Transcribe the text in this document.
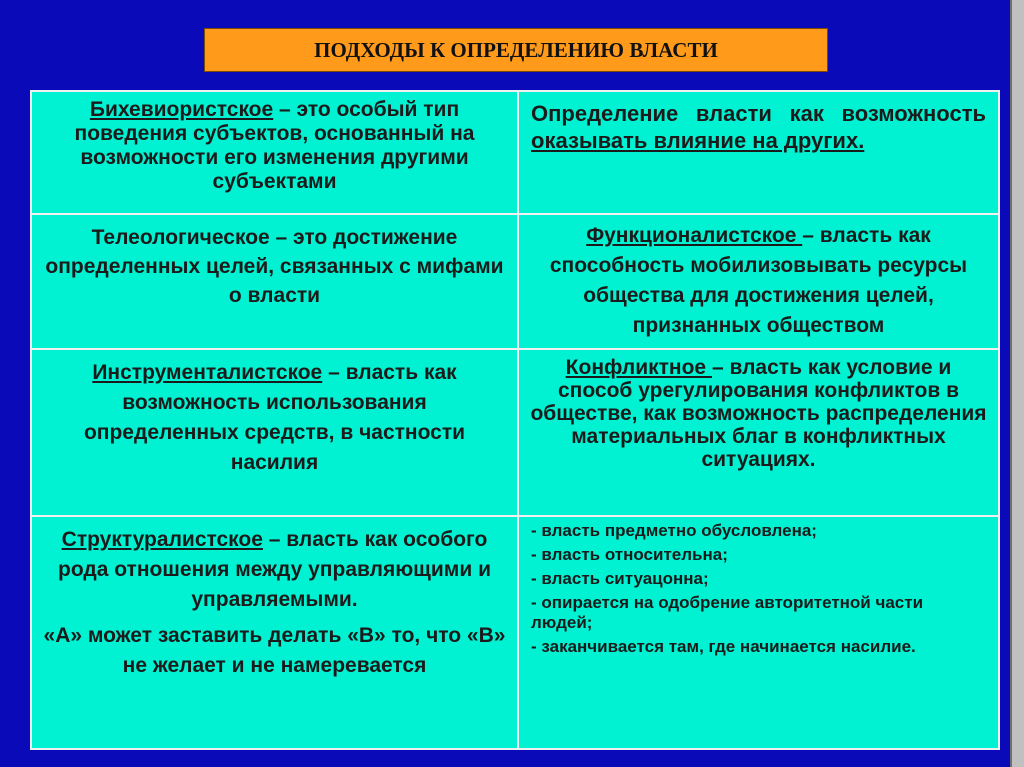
ПОДХОДЫ К ОПРЕДЕЛЕНИЮ ВЛАСТИ
Бихевиористское – это особый тип поведения субъектов, основанный на возможности его изменения другими субъектами
Определение власти как возможность оказывать влияние на других.
Телеологическое – это достижение определенных целей, связанных с мифами о власти
Функционалистское – власть как способность мобилизовывать ресурсы общества для достижения целей, признанных обществом
Инструменталистское – власть как возможность использования определенных средств, в частности насилия
Конфликтное – власть как условие и способ урегулирования конфликтов в обществе, как возможность распределения материальных благ в конфликтных ситуациях.
Структуралистское – власть как особого рода отношения между управляющими и управляемыми.
«А» может заставить делать «В» то, что «В» не желает и не намеревается
- власть предметно обусловлена;
- власть относительна;
- власть ситуацонна;
- опирается на одобрение авторитетной части людей;
- заканчивается там, где начинается насилие.
